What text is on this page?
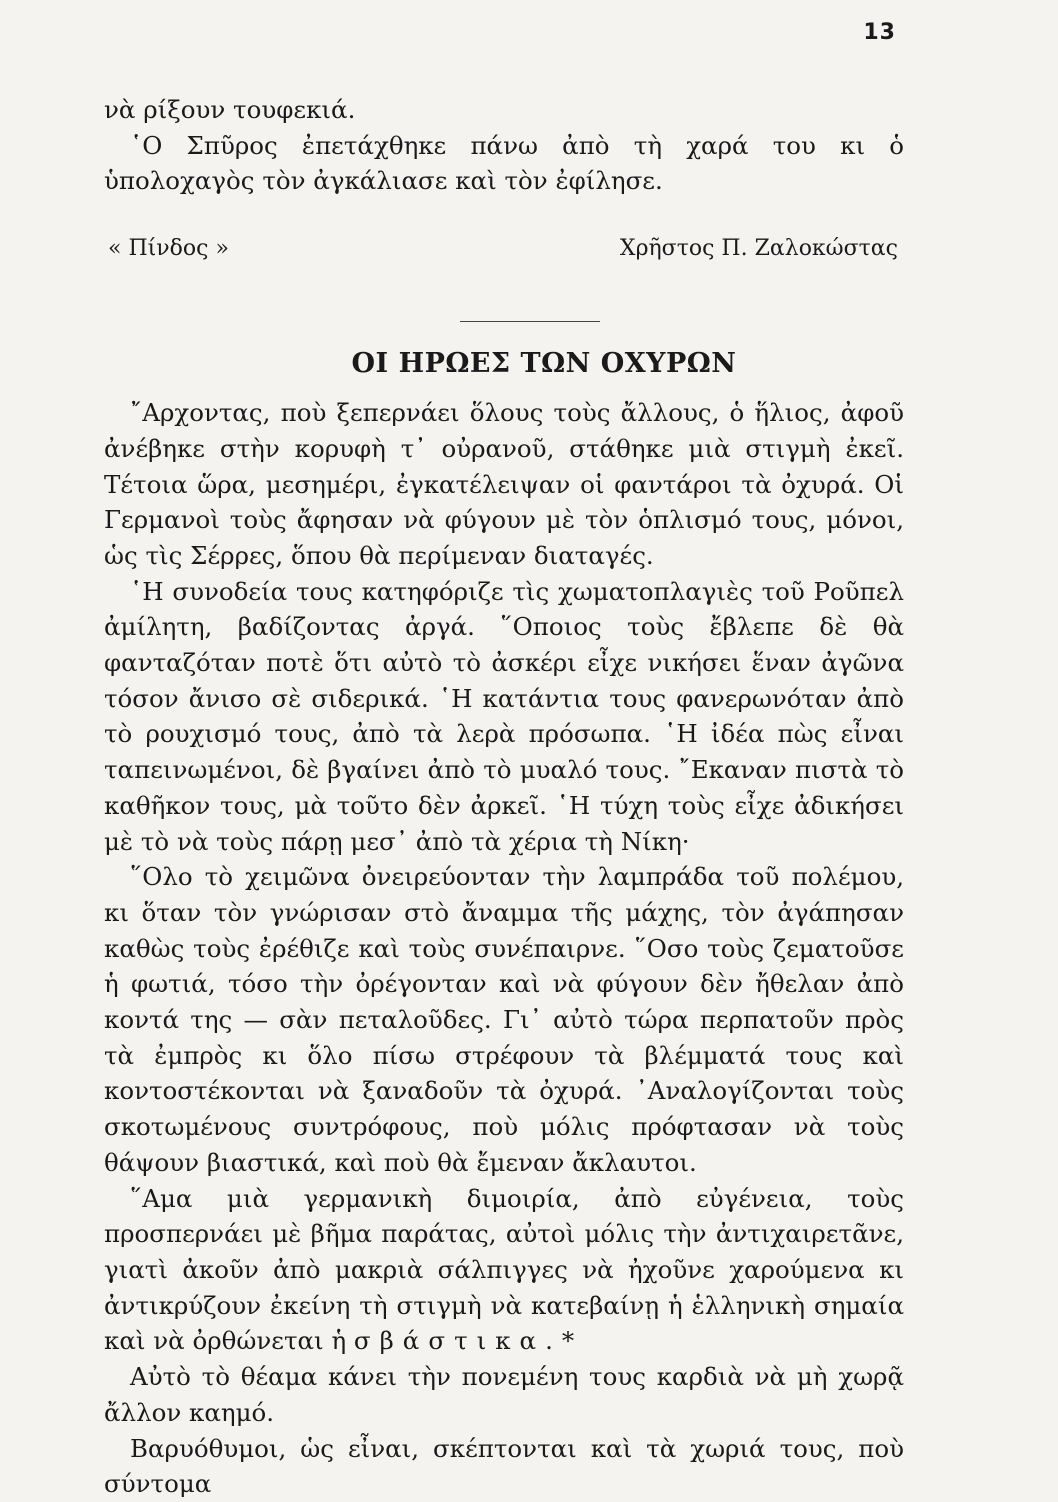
13

νὰ ρίξουν τουφεκιά.

῾Ο Σπῦρος ἐπετάχθηκε πάνω ἀπὸ τὴ χαρά του κι ὁ ὑπολοχαγὸς τὸν ἀγκάλιασε καὶ τὸν ἐφίλησε.

« Πίνδος »	Χρῆστος Π. Ζαλοκώστας
ΟΙ ΗΡΩΕΣ ΤΩΝ ΟΧΥΡΩΝ

῎Αρχοντας, ποὺ ξεπερνάει ὅλους τοὺς ἄλλους, ὁ ἥλιος, ἀφοῦ ἀνέβηκε στὴν κορυφὴ τ᾽ οὐρανοῦ, στάθηκε μιὰ στιγμὴ ἐκεῖ. Τέτοια ὥρα, μεσημέρι, ἐγκατέλειψαν οἱ φαντάροι τὰ ὀχυρά. Οἱ Γερμανοὶ τοὺς ἄφησαν νὰ φύγουν μὲ τὸν ὁπλισμό τους, μόνοι, ὡς τὶς Σέρρες, ὅπου θὰ περίμεναν διαταγές.

῾Η συνοδεία τους κατηφόριζε τὶς χωματοπλαγιὲς τοῦ Ροῦπελ ἀμίλητη, βαδίζοντας ἀργά. ῞Οποιος τοὺς ἔβλεπε δὲ θὰ φανταζόταν ποτὲ ὅτι αὐτὸ τὸ ἀσκέρι εἶχε νικήσει ἕναν ἀγῶνα τόσον ἄνισο σὲ σιδερικά. ῾Η κατάντια τους φανερωνόταν ἀπὸ τὸ ρουχισμό τους, ἀπὸ τὰ λερὰ πρόσωπα. ῾Η ἰδέα πὼς εἶναι ταπεινωμένοι, δὲ βγαίνει ἀπὸ τὸ μυαλό τους. ῎Εκαναν πιστὰ τὸ καθῆκον τους, μὰ τοῦτο δὲν ἀρκεῖ. ῾Η τύχη τοὺς εἶχε ἀδικήσει μὲ τὸ νὰ τοὺς πάρῃ μεσ᾽ ἀπὸ τὰ χέρια τὴ Νίκη·

῞Ολο τὸ χειμῶνα ὀνειρεύονταν τὴν λαμπράδα τοῦ πολέμου, κι ὅταν τὸν γνώρισαν στὸ ἄναμμα τῆς μάχης, τὸν ἀγάπησαν καθὼς τοὺς ἐρέθιζε καὶ τοὺς συνέπαιρνε. ῞Οσο τοὺς ζεματοῦσε ἡ φωτιά, τόσο τὴν ὀρέγονταν καὶ νὰ φύγουν δὲν ἤθελαν ἀπὸ κοντά της — σὰν πεταλοῦδες. Γι᾽ αὐτὸ τώρα περπατοῦν πρὸς τὰ ἐμπρὸς κι ὅλο πίσω στρέφουν τὰ βλέμματά τους καὶ κοντοστέκονται νὰ ξαναδοῦν τὰ ὀχυρά. ᾽Αναλογίζονται τοὺς σκοτωμένους συντρόφους, ποὺ μόλις πρόφτασαν νὰ τοὺς θάψουν βιαστικά, καὶ ποὺ θὰ ἔμεναν ἄκλαυτοι.

῞Αμα μιὰ γερμανικὴ διμοιρία, ἀπὸ εὐγένεια, τοὺς προσπερνάει μὲ βῆμα παράτας, αὐτοὶ μόλις τὴν ἀντιχαιρετᾶνε, γιατὶ ἀκοῦν ἀπὸ μακριὰ σάλπιγγες νὰ ἠχοῦνε χαρούμενα κι ἀντικρύζουν ἐκείνη τὴ στιγμὴ νὰ κατεβαίνῃ ἡ ἑλληνικὴ σημαία καὶ νὰ ὀρθώνεται ἡ σβάστικα.*

Αὐτὸ τὸ θέαμα κάνει τὴν πονεμένη τους καρδιὰ νὰ μὴ χωρᾷ ἄλλον καημό.

Βαρυόθυμοι, ὡς εἶναι, σκέπτονται καὶ τὰ χωριά τους, ποὺ σύντομα
